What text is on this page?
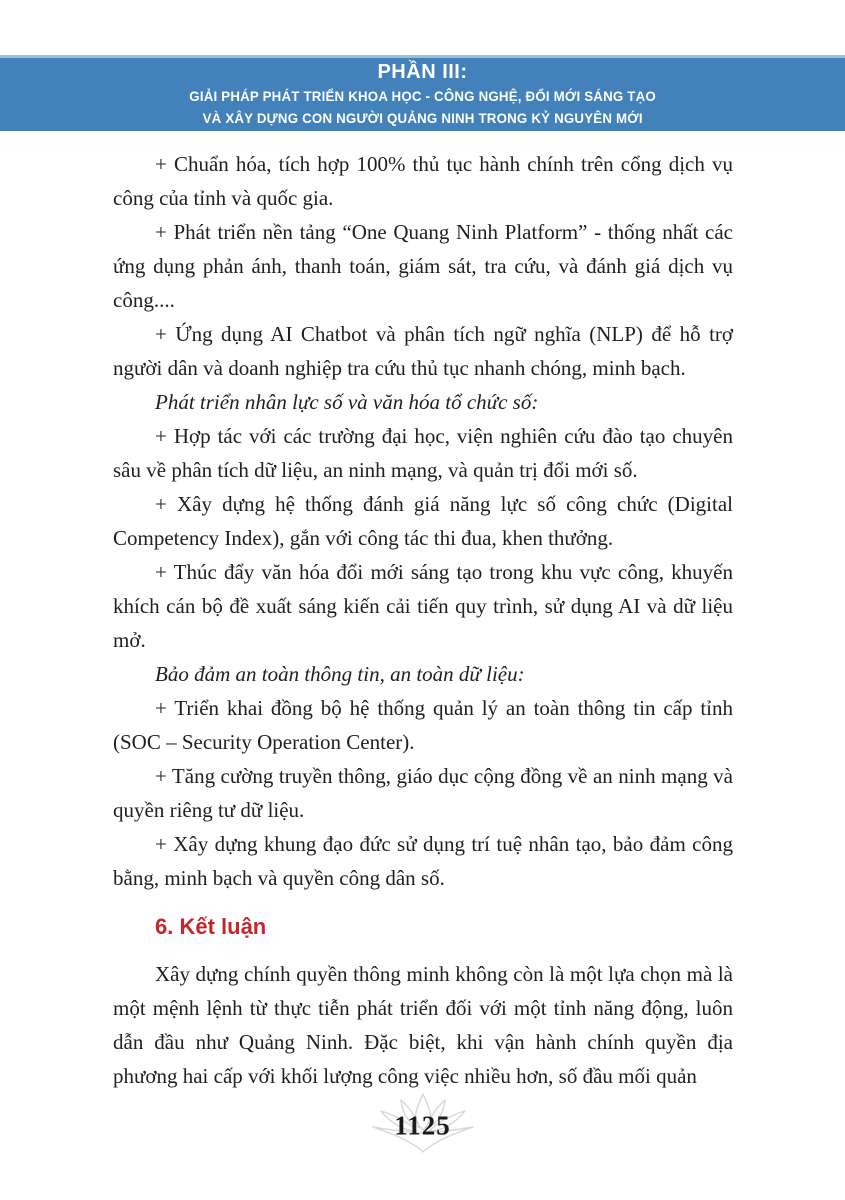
PHẦN III:
GIẢI PHÁP PHÁT TRIỂN KHOA HỌC - CÔNG NGHỆ, ĐỔI MỚI SÁNG TẠO
VÀ XÂY DỰNG CON NGƯỜI QUẢNG NINH TRONG KỶ NGUYÊN MỚI

+ Chuẩn hóa, tích hợp 100% thủ tục hành chính trên cổng dịch vụ công của tỉnh và quốc gia.

+ Phát triển nền tảng “One Quang Ninh Platform” - thống nhất các ứng dụng phản ánh, thanh toán, giám sát, tra cứu, và đánh giá dịch vụ công....

+ Ứng dụng AI Chatbot và phân tích ngữ nghĩa (NLP) để hỗ trợ người dân và doanh nghiệp tra cứu thủ tục nhanh chóng, minh bạch.

Phát triển nhân lực số và văn hóa tổ chức số:

+ Hợp tác với các trường đại học, viện nghiên cứu đào tạo chuyên sâu về phân tích dữ liệu, an ninh mạng, và quản trị đổi mới số.

+ Xây dựng hệ thống đánh giá năng lực số công chức (Digital Competency Index), gắn với công tác thi đua, khen thưởng.

+ Thúc đẩy văn hóa đổi mới sáng tạo trong khu vực công, khuyến khích cán bộ đề xuất sáng kiến cải tiến quy trình, sử dụng AI và dữ liệu mở.

Bảo đảm an toàn thông tin, an toàn dữ liệu:

+ Triển khai đồng bộ hệ thống quản lý an toàn thông tin cấp tỉnh (SOC – Security Operation Center).

+ Tăng cường truyền thông, giáo dục cộng đồng về an ninh mạng và quyền riêng tư dữ liệu.

+ Xây dựng khung đạo đức sử dụng trí tuệ nhân tạo, bảo đảm công bằng, minh bạch và quyền công dân số.

6. Kết luận

Xây dựng chính quyền thông minh không còn là một lựa chọn mà là một mệnh lệnh từ thực tiễn phát triển đối với một tỉnh năng động, luôn dẫn đầu như Quảng Ninh. Đặc biệt, khi vận hành chính quyền địa phương hai cấp với khối lượng công việc nhiều hơn, số đầu mối quản

1125
